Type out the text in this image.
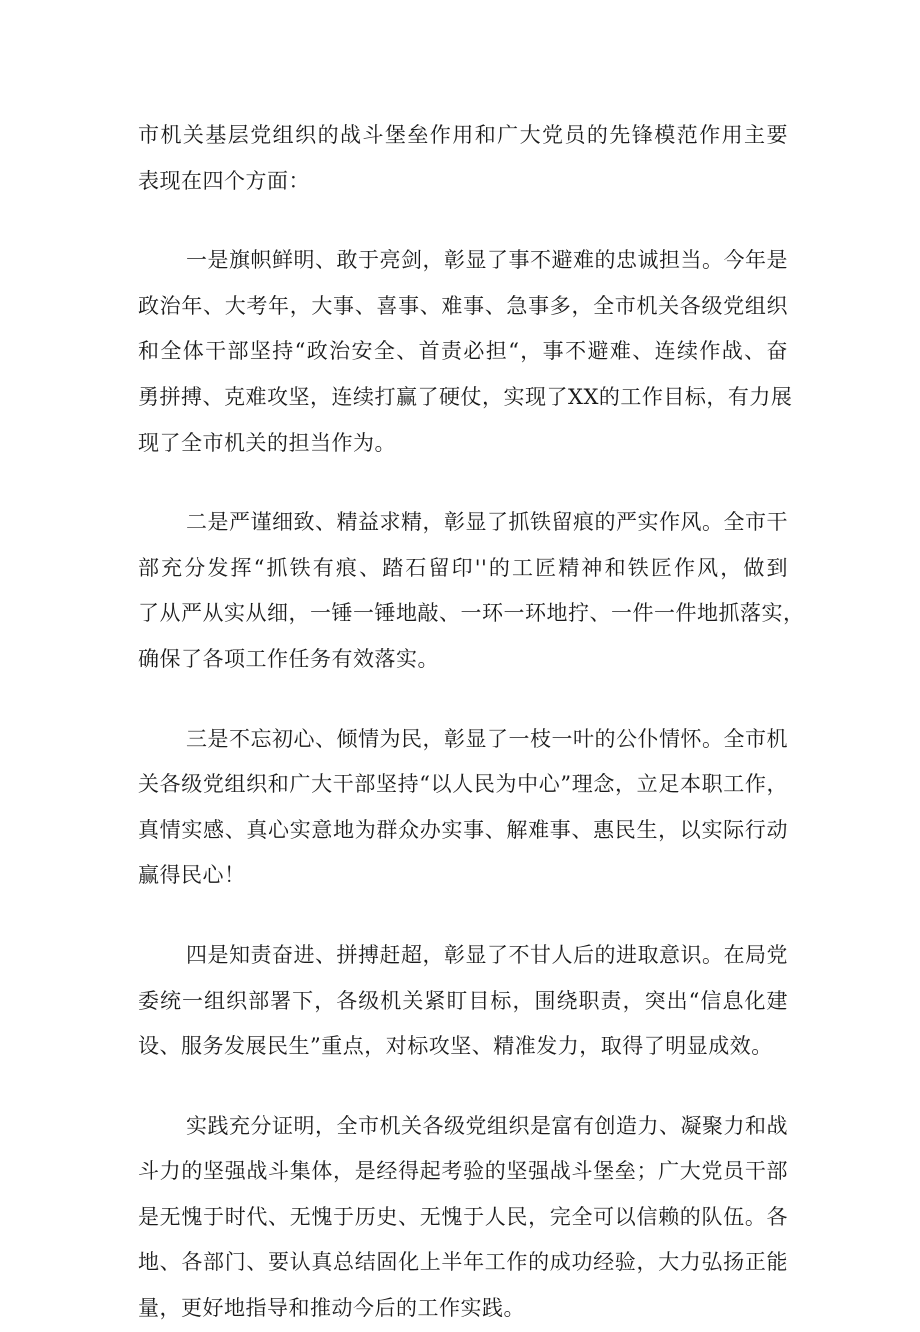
市机关基层党组织的战斗堡垒作用和广大党员的先锋模范作用主要
表现在四个方面：
一是旗帜鲜明、敢于亮剑，彰显了事不避难的忠诚担当。今年是
政治年、大考年，大事、喜事、难事、急事多，全市机关各级党组织
和全体干部坚持“政治安全、首责必担“，事不避难、连续作战、奋
勇拼搏、克难攻坚，连续打赢了硬仗，实现了XX的工作目标，有力展
现了全市机关的担当作为。
二是严谨细致、精益求精，彰显了抓铁留痕的严实作风。全市干
部充分发挥“抓铁有痕、踏石留印''的工匠精神和铁匠作风，做到
了从严从实从细，一锤一锤地敲、一环一环地拧、一件一件地抓落实，
确保了各项工作任务有效落实。
三是不忘初心、倾情为民，彰显了一枝一叶的公仆情怀。全市机
关各级党组织和广大干部坚持“以人民为中心”理念，立足本职工作，
真情实感、真心实意地为群众办实事、解难事、惠民生，以实际行动
赢得民心！
四是知责奋进、拼搏赶超，彰显了不甘人后的进取意识。在局党
委统一组织部署下，各级机关紧盯目标，围绕职责，突出“信息化建
设、服务发展民生”重点，对标攻坚、精准发力，取得了明显成效。
实践充分证明，全市机关各级党组织是富有创造力、凝聚力和战
斗力的坚强战斗集体，是经得起考验的坚强战斗堡垒；广大党员干部
是无愧于时代、无愧于历史、无愧于人民，完全可以信赖的队伍。各
地、各部门、要认真总结固化上半年工作的成功经验，大力弘扬正能
量，更好地指导和推动今后的工作实践。
